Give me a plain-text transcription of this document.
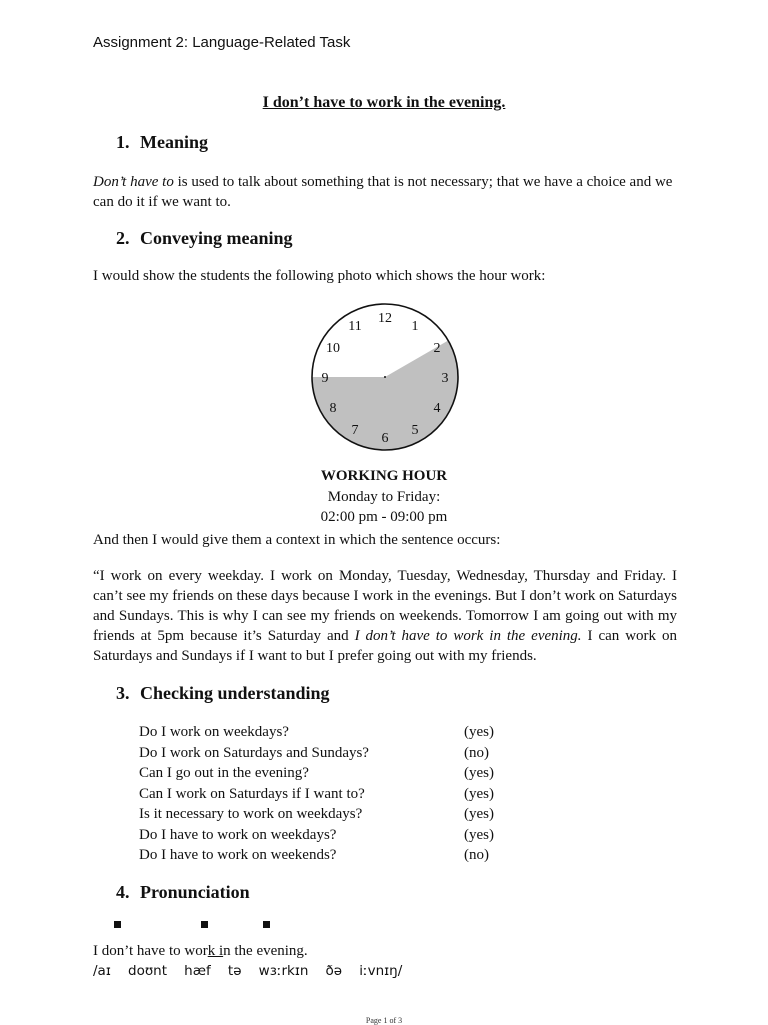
Assignment 2: Language-Related Task
I don’t have to work in the evening.
1. Meaning
Don’t have to is used to talk about something that is not necessary; that we have a choice and we can do it if we want to.
2. Conveying meaning
I would show the students the following photo which shows the hour work:
12
1
2
3
4
5
6
7
8
9
10
11
WORKING HOUR
Monday to Friday:
02:00 pm - 09:00 pm
And then I would give them a context in which the sentence occurs:
“I work on every weekday. I work on Monday, Tuesday, Wednesday, Thursday and Friday. I can’t see my friends on these days because I work in the evenings. But I don’t work on Saturdays and Sundays. This is why I can see my friends on weekends. Tomorrow I am going out with my friends at 5pm because it’s Saturday and I don’t have to work in the evening. I can work on Saturdays and Sundays if I want to but I prefer going out with my friends.
3. Checking understanding
Do I work on weekdays?	(yes)
Do I work on Saturdays and Sundays?	(no)
Can I go out in the evening?	(yes)
Can I work on Saturdays if I want to?	(yes)
Is it necessary to work on weekdays?	(yes)
Do I have to work on weekdays?	(yes)
Do I have to work on weekends?	(no)
4. Pronunciation
I don’t have to work in the evening.
/aɪ    doʊnt    hæf    tə    wɜːrkɪn    ðə    iːvnɪŋ/
Page 1 of 3
